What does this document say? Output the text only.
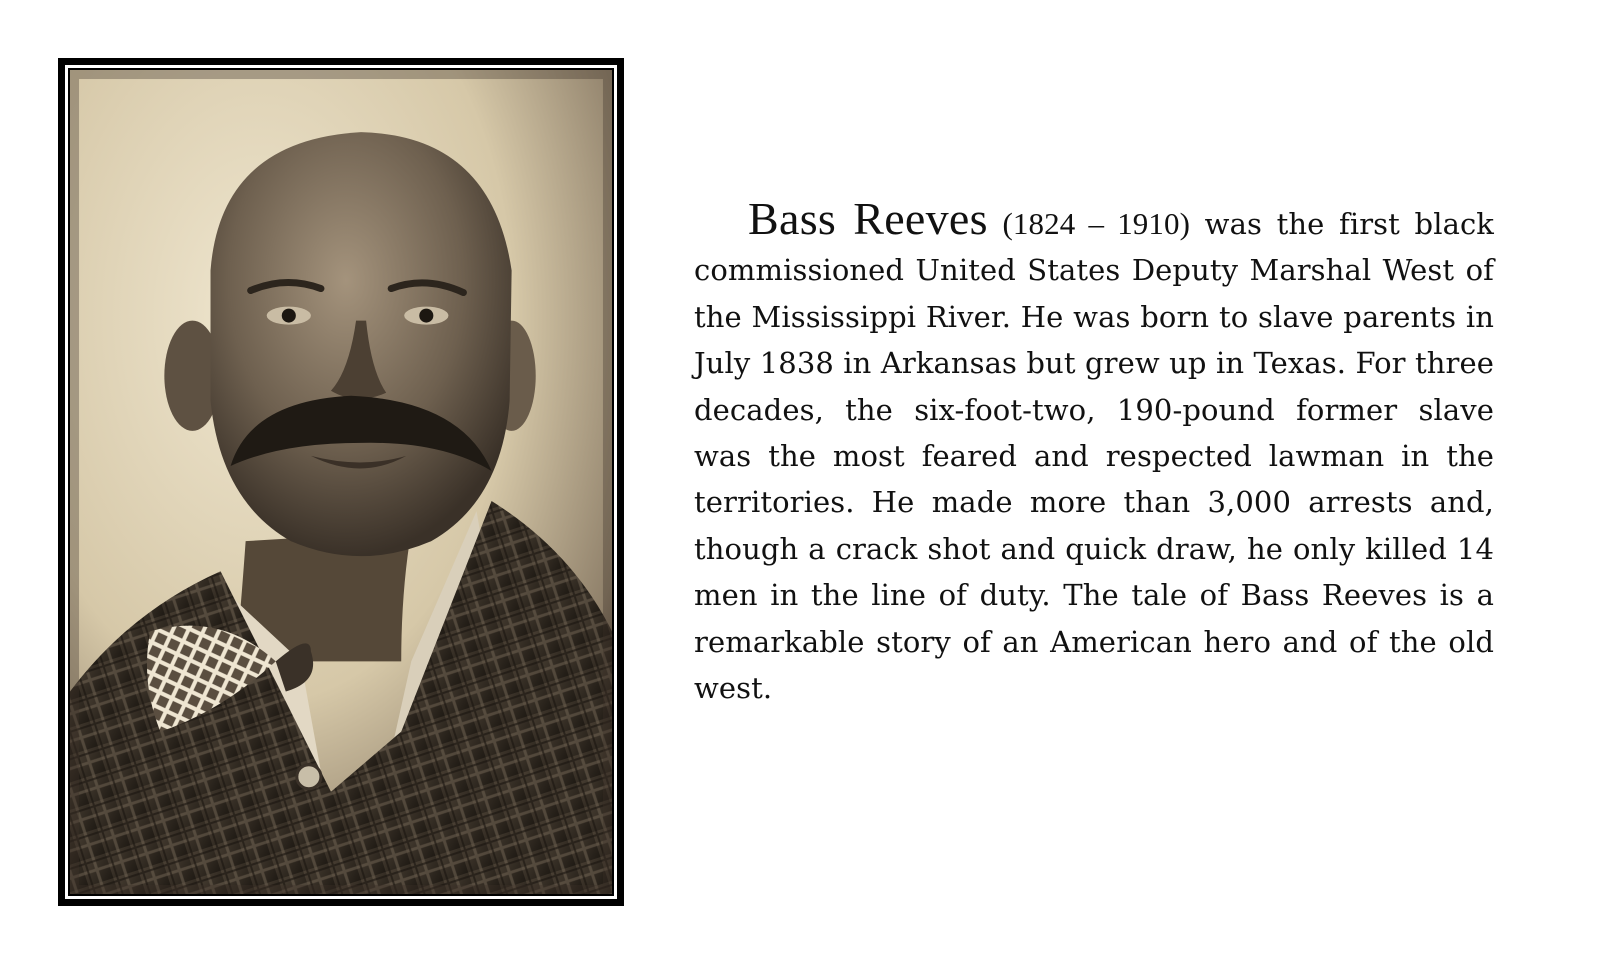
Bass Reeves (1824 – 1910) was the first black commissioned United States Deputy Marshal West of the Mississippi River. He was born to slave parents in July 1838 in Arkansas but grew up in Texas. For three decades, the six-foot-two, 190-pound former slave was the most feared and respected lawman in the territories. He made more than 3,000 arrests and, though a crack shot and quick draw, he only killed 14 men in the line of duty. The tale of Bass Reeves is a remarkable story of an American hero and of the old west.
